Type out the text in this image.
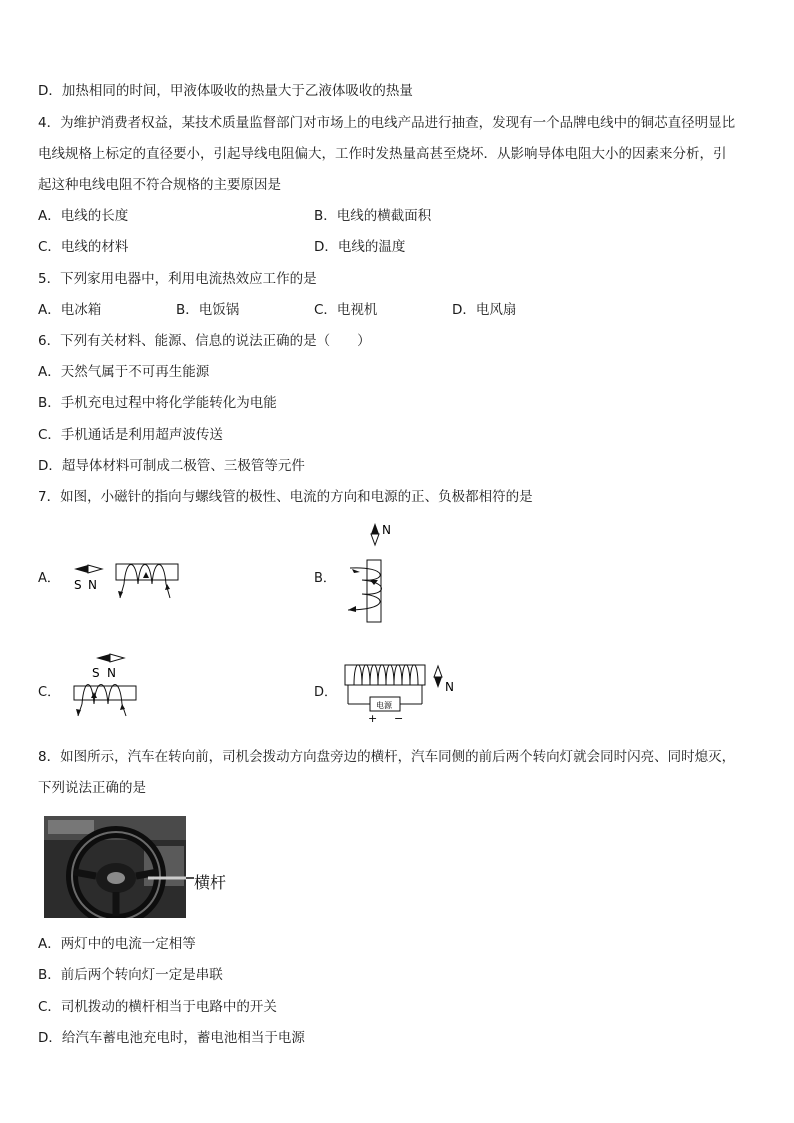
D．加热相同的时间，甲液体吸收的热量大于乙液体吸收的热量
4．为维护消费者权益，某技术质量监督部门对市场上的电线产品进行抽查，发现有一个品牌电线中的铜芯直径明显比
电线规格上标定的直径要小，引起导线电阻偏大，工作时发热量高甚至烧坏．从影响导体电阻大小的因素来分析，引
起这种电线电阻不符合规格的主要原因是
A．电线的长度	B．电线的横截面积
C．电线的材料	D．电线的温度
5．下列家用电器中，利用电流热效应工作的是
A．电冰箱	B．电饭锅	C．电视机	D．电风扇
6．下列有关材料、能源、信息的说法正确的是（　　）
A．天然气属于不可再生能源
B．手机充电过程中将化学能转化为电能
C．手机通话是利用超声波传送
D．超导体材料可制成二极管、三极管等元件
7．如图，小磁针的指向与螺线管的极性、电流的方向和电源的正、负极都相符的是
A．	B．
C．	D．
S N
N
S N
电源
+ −
N
8．如图所示，汽车在转向前，司机会拨动方向盘旁边的横杆，汽车同侧的前后两个转向灯就会同时闪亮、同时熄灭，
下列说法正确的是
横杆
A．两灯中的电流一定相等
B．前后两个转向灯一定是串联
C．司机拨动的横杆相当于电路中的开关
D．给汽车蓄电池充电时，蓄电池相当于电源
